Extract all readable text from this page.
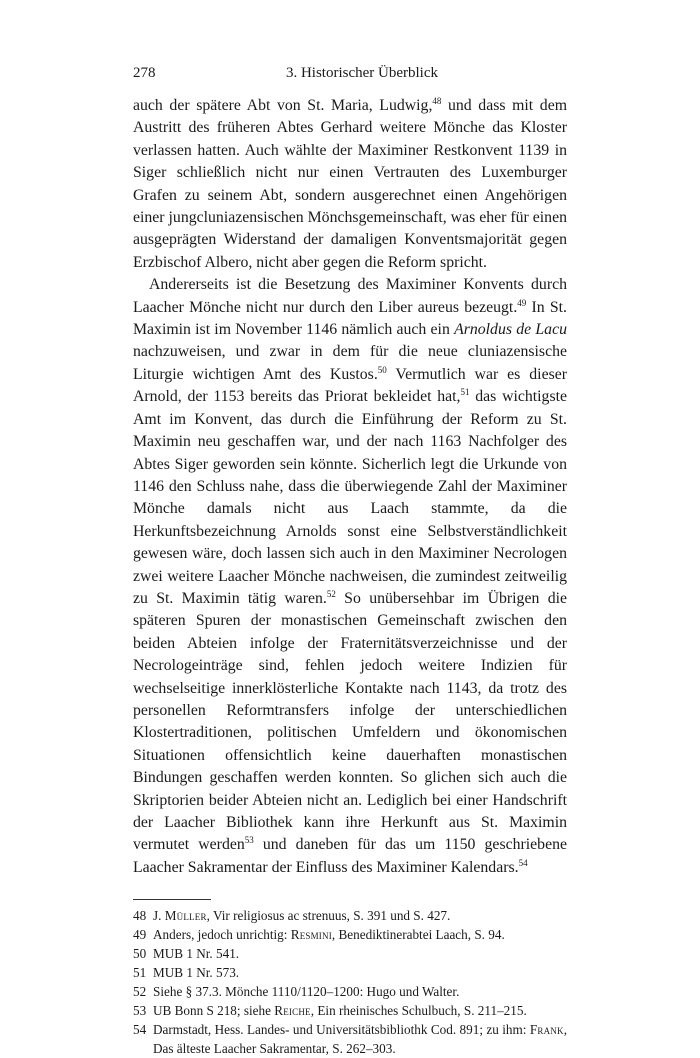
278	3. Historischer Überblick

auch der spätere Abt von St. Maria, Ludwig,$^{48}$ und dass mit dem Austritt des früheren Abtes Gerhard weitere Mönche das Kloster verlassen hatten. Auch wählte der Maximiner Restkonvent 1139 in Siger schließlich nicht nur einen Vertrauten des Luxemburger Grafen zu seinem Abt, sondern ausgerechnet einen Angehörigen einer jungcluniazensischen Mönchsgemeinschaft, was eher für einen ausgeprägten Widerstand der damaligen Konventsmajorität gegen Erzbischof Albero, nicht aber gegen die Reform spricht.

Andererseits ist die Besetzung des Maximiner Konvents durch Laacher Mönche nicht nur durch den Liber aureus bezeugt.$^{49}$ In St. Maximin ist im November 1146 nämlich auch ein Arnoldus de Lacu nachzuweisen, und zwar in dem für die neue cluniazensische Liturgie wichtigen Amt des Kustos.$^{50}$ Vermutlich war es dieser Arnold, der 1153 bereits das Priorat bekleidet hat,$^{51}$ das wichtigste Amt im Konvent, das durch die Einführung der Reform zu St. Maximin neu geschaffen war, und der nach 1163 Nachfolger des Abtes Siger geworden sein könnte. Sicherlich legt die Urkunde von 1146 den Schluss nahe, dass die überwiegende Zahl der Maximiner Mönche damals nicht aus Laach stammte, da die Herkunftsbezeichnung Arnolds sonst eine Selbstverständlichkeit gewesen wäre, doch lassen sich auch in den Maximiner Necrologen zwei weitere Laacher Mönche nachweisen, die zumindest zeitweilig zu St. Maximin tätig waren.$^{52}$ So unübersehbar im Übrigen die späteren Spuren der monastischen Gemeinschaft zwischen den beiden Abteien infolge der Fraternitätsverzeichnisse und der Necrologeinträge sind, fehlen jedoch weitere Indizien für wechselseitige innerklösterliche Kontakte nach 1143, da trotz des personellen Reformtransfers infolge der unterschiedlichen Klostertraditionen, politischen Umfeldern und ökonomischen Situationen offensichtlich keine dauerhaften monastischen Bindungen geschaffen werden konnten. So glichen sich auch die Skriptorien beider Abteien nicht an. Lediglich bei einer Handschrift der Laacher Bibliothek kann ihre Herkunft aus St. Maximin vermutet werden$^{53}$ und daneben für das um 1150 geschriebene Laacher Sakramentar der Einfluss des Maximiner Kalendars.$^{54}$

48 J. Müller, Vir religiosus ac strenuus, S. 391 und S. 427.
49 Anders, jedoch unrichtig: Resmini, Benediktinerabtei Laach, S. 94.
50 MUB 1 Nr. 541.
51 MUB 1 Nr. 573.
52 Siehe § 37.3. Mönche 1110/1120–1200: Hugo und Walter.
53 UB Bonn S 218; siehe Reiche, Ein rheinisches Schulbuch, S. 211–215.
54 Darmstadt, Hess. Landes- und Universitätsbibliothk Cod. 891; zu ihm: Frank, Das älteste Laacher Sakramentar, S. 262–303.
